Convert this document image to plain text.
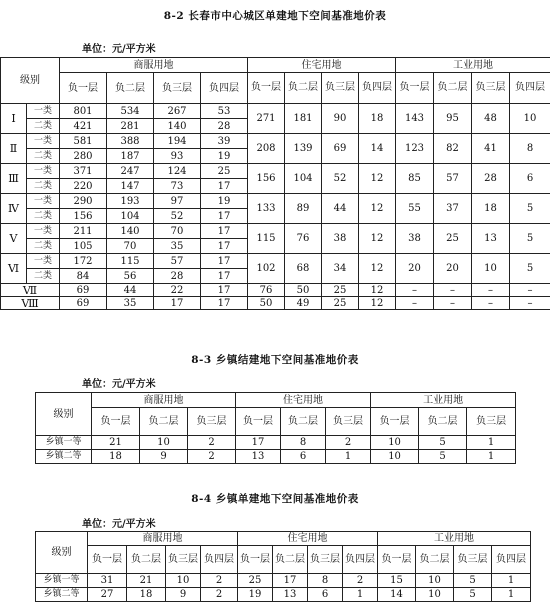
8-2 长春市中心城区单建地下空间基准地价表
单位：元/平方米
级别		商服用地				住宅用地				工业用地			
		负一层	负二层	负三层	负四层	负一层	负二层	负三层	负四层	负一层	负二层	负三层	负四层
Ⅰ	一类	801	534	267	53	271	181	90	18	143	95	48	10
	二类	421	281	140	28								
Ⅱ	一类	581	388	194	39	208	139	69	14	123	82	41	8
	二类	280	187	93	19								
Ⅲ	一类	371	247	124	25	156	104	52	12	85	57	28	6
	二类	220	147	73	17								
Ⅳ	一类	290	193	97	19	133	89	44	12	55	37	18	5
	二类	156	104	52	17								
Ⅴ	一类	211	140	70	17	115	76	38	12	38	25	13	5
	二类	105	70	35	17								
Ⅵ	一类	172	115	57	17	102	68	34	12	20	20	10	5
	二类	84	56	28	17								
Ⅶ		69	44	22	17	76	50	25	12	–	–	–	–
Ⅷ		69	35	17	17	50	49	25	12	–	–	–	–
8-3 乡镇结建地下空间基准地价表
单位：元/平方米
级别	商服用地			住宅用地			工业用地		
	负一层	负二层	负三层	负一层	负二层	负三层	负一层	负二层	负三层
乡镇一等	21	10	2	17	8	2	10	5	1
乡镇二等	18	9	2	13	6	1	10	5	1
8-4 乡镇单建地下空间基准地价表
单位：元/平方米
级别	商服用地				住宅用地				工业用地			
	负一层	负二层	负三层	负四层	负一层	负二层	负三层	负四层	负一层	负二层	负三层	负四层
乡镇一等	31	21	10	2	25	17	8	2	15	10	5	1
乡镇二等	27	18	9	2	19	13	6	1	14	10	5	1
